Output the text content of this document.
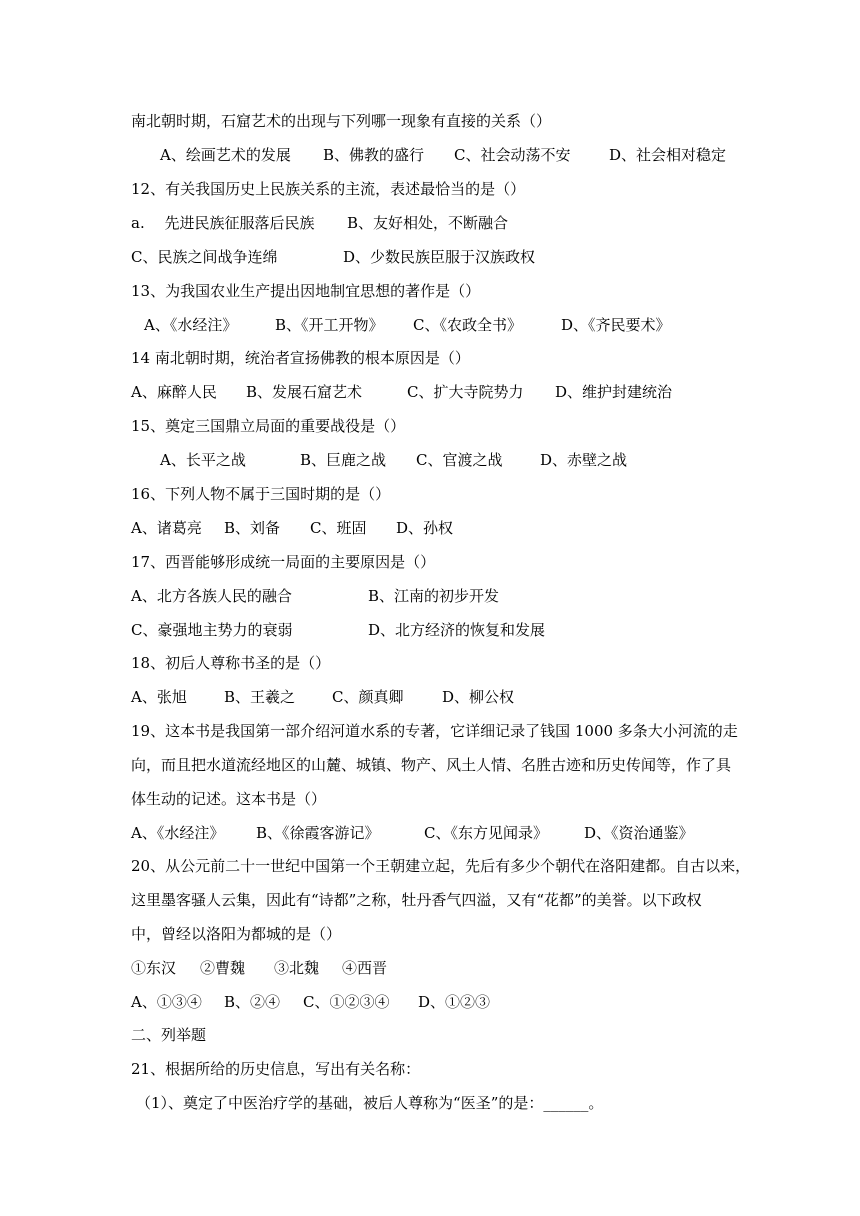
南北朝时期，石窟艺术的出现与下列哪一现象有直接的关系（）
A、绘画艺术的发展 B、佛教的盛行 C、社会动荡不安	D、社会相对稳定
12、有关我国历史上民族关系的主流，表述最恰当的是（）
a.　 先进民族征服落后民族 B、友好相处，不断融合
C、民族之间战争连绵	D、少数民族臣服于汉族政权
13、为我国农业生产提出因地制宜思想的著作是（）
A、《水经注》	B、《开工开物》 C、《农政全书》	D、《齐民要术》
14 南北朝时期，统治者宣扬佛教的根本原因是（）
A、麻醉人民 B、发展石窟艺术	C、扩大寺院势力 D、维护封建统治
15、奠定三国鼎立局面的重要战役是（）
A、长平之战	B、巨鹿之战 C、官渡之战	D、赤壁之战
16、下列人物不属于三国时期的是（）
A、诸葛亮 B、刘备 C、班固 D、孙权
17、西晋能够形成统一局面的主要原因是（）
A、北方各族人民的融合	B、江南的初步开发
C、豪强地主势力的衰弱	D、北方经济的恢复和发展
18、初后人尊称书圣的是（）
A、张旭 B、王羲之 C、颜真卿	D、柳公权
19、这本书是我国第一部介绍河道水系的专著，它详细记录了钱国 1000 多条大小河流的走
向，而且把水道流经地区的山麓、城镇、物产、风土人情、名胜古迹和历史传闻等，作了具
体生动的记述。这本书是（）
A、《水经注》 B、《徐霞客游记》	C、《东方见闻录》 D、《资治通鉴》
20、从公元前二十一世纪中国第一个王朝建立起，先后有多少个朝代在洛阳建都。自古以来，
这里墨客骚人云集，因此有“诗都”之称，牡丹香气四溢，又有“花都”的美誉。以下政权
中，曾经以洛阳为都城的是（）
①东汉 ②曹魏 ③北魏 ④西晋
A、①③④ B、②④ C、①②③④ D、①②③
二、列举题
21、根据所给的历史信息，写出有关名称：
（1）、奠定了中医治疗学的基础，被后人尊称为“医圣”的是：______。
